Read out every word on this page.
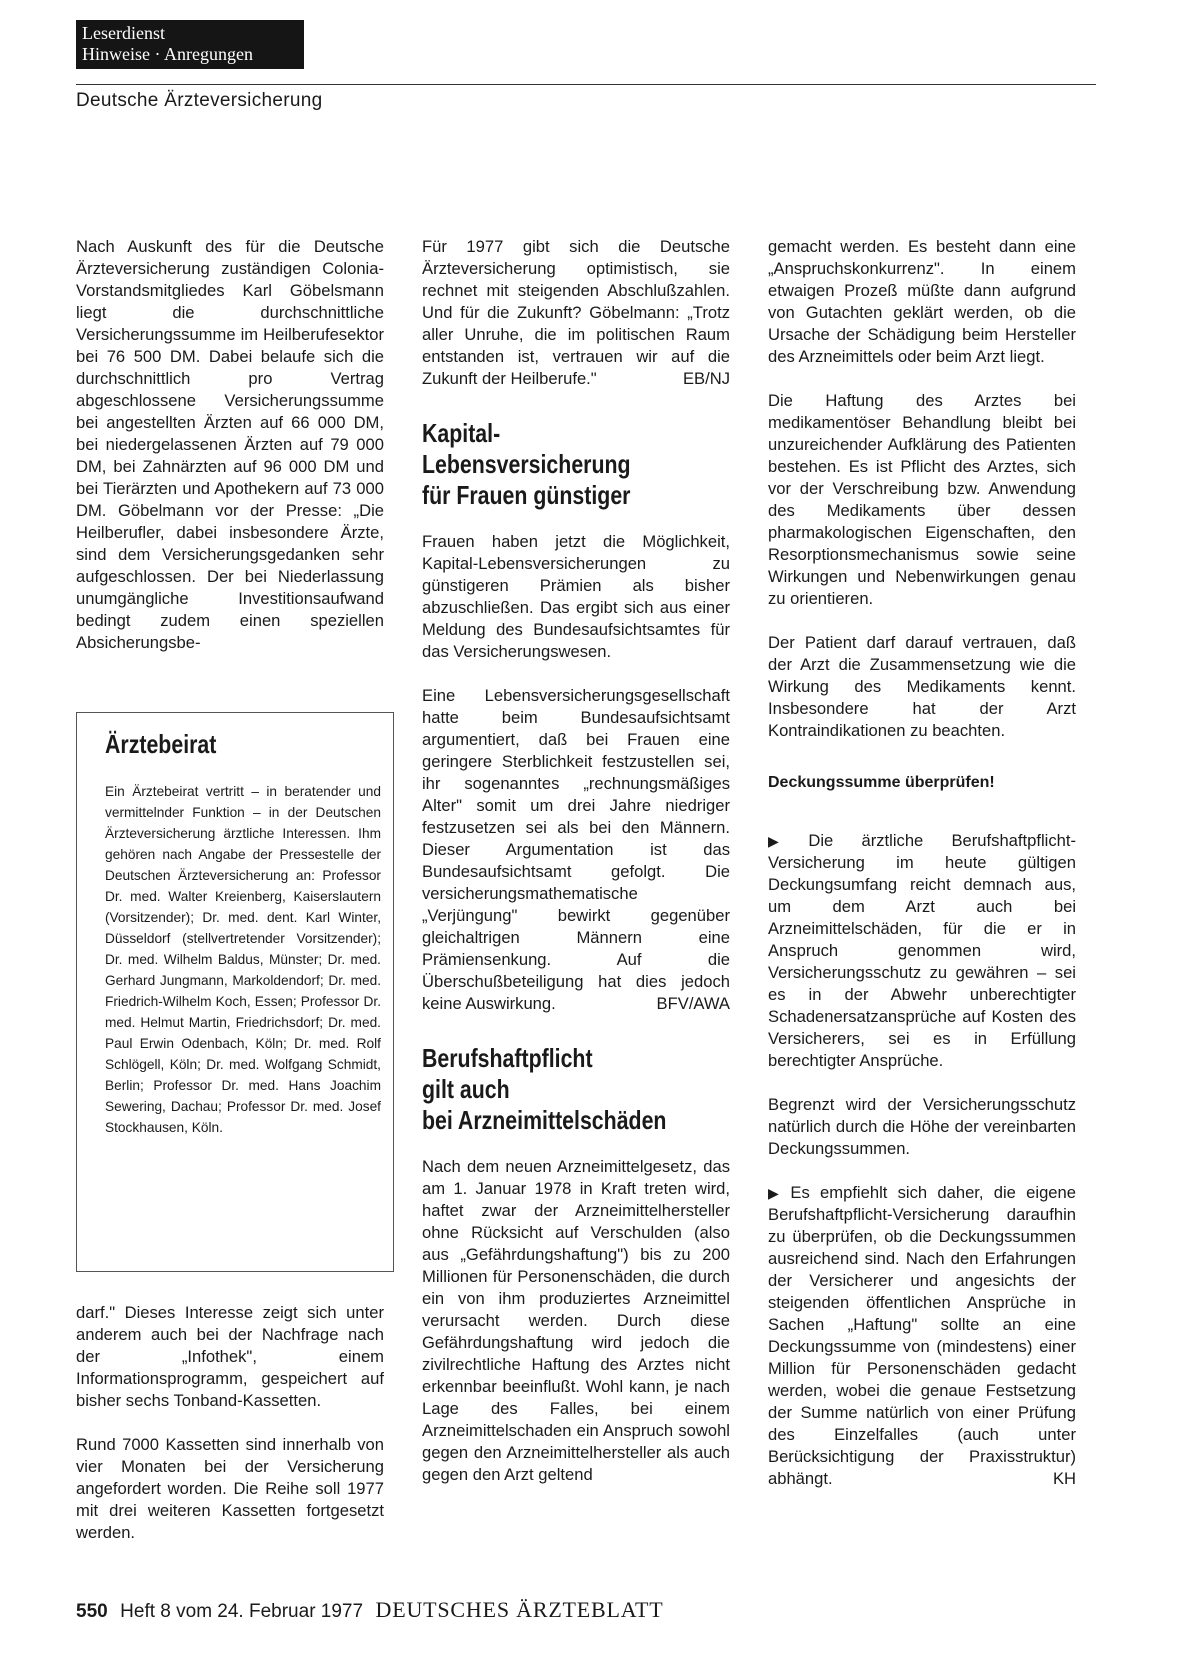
Leserdienst
Hinweise · Anregungen
Deutsche Ärzteversicherung

Nach Auskunft des für die Deutsche Ärzteversicherung zuständigen Colonia-Vorstandsmitgliedes Karl Göbelsmann liegt die durchschnittliche Versicherungssumme im Heilberufesektor bei 76 500 DM. Dabei belaufe sich die durchschnittlich pro Vertrag abgeschlossene Versicherungssumme bei angestellten Ärzten auf 66 000 DM, bei niedergelassenen Ärzten auf 79 000 DM, bei Zahnärzten auf 96 000 DM und bei Tierärzten und Apothekern auf 73 000 DM. Göbelmann vor der Presse: „Die Heilberufler, dabei insbesondere Ärzte, sind dem Versicherungsgedanken sehr aufgeschlossen. Der bei Niederlassung unumgängliche Investitionsaufwand bedingt zudem einen speziellen Absicherungsbe-

Ärztebeirat

Ein Ärztebeirat vertritt – in beratender und vermittelnder Funktion – in der Deutschen Ärzteversicherung ärztliche Interessen. Ihm gehören nach Angabe der Pressestelle der Deutschen Ärzteversicherung an: Professor Dr. med. Walter Kreienberg, Kaiserslautern (Vorsitzender); Dr. med. dent. Karl Winter, Düsseldorf (stellvertretender Vorsitzender); Dr. med. Wilhelm Baldus, Münster; Dr. med. Gerhard Jungmann, Markoldendorf; Dr. med. Friedrich-Wilhelm Koch, Essen; Professor Dr. med. Helmut Martin, Friedrichsdorf; Dr. med. Paul Erwin Odenbach, Köln; Dr. med. Rolf Schlögell, Köln; Dr. med. Wolfgang Schmidt, Berlin; Professor Dr. med. Hans Joachim Sewering, Dachau; Professor Dr. med. Josef Stockhausen, Köln.

darf." Dieses Interesse zeigt sich unter anderem auch bei der Nachfrage nach der „Infothek", einem Informationsprogramm, gespeichert auf bisher sechs Tonband-Kassetten.

Rund 7000 Kassetten sind innerhalb von vier Monaten bei der Versicherung angefordert worden. Die Reihe soll 1977 mit drei weiteren Kassetten fortgesetzt werden.

Für 1977 gibt sich die Deutsche Ärzteversicherung optimistisch, sie rechnet mit steigenden Abschlußzahlen. Und für die Zukunft? Göbelmann: „Trotz aller Unruhe, die im politischen Raum entstanden ist, vertrauen wir auf die Zukunft der Heilberufe."	EB/NJ

Kapital-
Lebensversicherung
für Frauen günstiger

Frauen haben jetzt die Möglichkeit, Kapital-Lebensversicherungen zu günstigeren Prämien als bisher abzuschließen. Das ergibt sich aus einer Meldung des Bundesaufsichtsamtes für das Versicherungswesen.

Eine Lebensversicherungsgesellschaft hatte beim Bundesaufsichtsamt argumentiert, daß bei Frauen eine geringere Sterblichkeit festzustellen sei, ihr sogenanntes „rechnungsmäßiges Alter" somit um drei Jahre niedriger festzusetzen sei als bei den Männern. Dieser Argumentation ist das Bundesaufsichtsamt gefolgt. Die versicherungsmathematische „Verjüngung" bewirkt gegenüber gleichaltrigen Männern eine Prämiensenkung. Auf die Überschußbeteiligung hat dies jedoch keine Auswirkung.	BFV/AWA

Berufshaftpflicht
gilt auch
bei Arzneimittelschäden

Nach dem neuen Arzneimittelgesetz, das am 1. Januar 1978 in Kraft treten wird, haftet zwar der Arzneimittelhersteller ohne Rücksicht auf Verschulden (also aus „Gefährdungshaftung") bis zu 200 Millionen für Personenschäden, die durch ein von ihm produziertes Arzneimittel verursacht werden. Durch diese Gefährdungshaftung wird jedoch die zivilrechtliche Haftung des Arztes nicht erkennbar beeinflußt. Wohl kann, je nach Lage des Falles, bei einem Arzneimittelschaden ein Anspruch sowohl gegen den Arzneimittelhersteller als auch gegen den Arzt geltend

gemacht werden. Es besteht dann eine „Anspruchskonkurrenz". In einem etwaigen Prozeß müßte dann aufgrund von Gutachten geklärt werden, ob die Ursache der Schädigung beim Hersteller des Arzneimittels oder beim Arzt liegt.

Die Haftung des Arztes bei medikamentöser Behandlung bleibt bei unzureichender Aufklärung des Patienten bestehen. Es ist Pflicht des Arztes, sich vor der Verschreibung bzw. Anwendung des Medikaments über dessen pharmakologischen Eigenschaften, den Resorptionsmechanismus sowie seine Wirkungen und Nebenwirkungen genau zu orientieren.

Der Patient darf darauf vertrauen, daß der Arzt die Zusammensetzung wie die Wirkung des Medikaments kennt. Insbesondere hat der Arzt Kontraindikationen zu beachten.

Deckungssumme überprüfen!

▶ Die ärztliche Berufshaftpflicht-Versicherung im heute gültigen Deckungsumfang reicht demnach aus, um dem Arzt auch bei Arzneimittelschäden, für die er in Anspruch genommen wird, Versicherungsschutz zu gewähren – sei es in der Abwehr unberechtigter Schadenersatzansprüche auf Kosten des Versicherers, sei es in Erfüllung berechtigter Ansprüche.

Begrenzt wird der Versicherungsschutz natürlich durch die Höhe der vereinbarten Deckungssummen.

▶ Es empfiehlt sich daher, die eigene Berufshaftpflicht-Versicherung daraufhin zu überprüfen, ob die Deckungssummen ausreichend sind. Nach den Erfahrungen der Versicherer und angesichts der steigenden öffentlichen Ansprüche in Sachen „Haftung" sollte an eine Deckungssumme von (mindestens) einer Million für Personenschäden gedacht werden, wobei die genaue Festsetzung der Summe natürlich von einer Prüfung des Einzelfalles (auch unter Berücksichtigung der Praxisstruktur) abhängt.	KH

550 Heft 8 vom 24. Februar 1977 DEUTSCHES ÄRZTEBLATT
